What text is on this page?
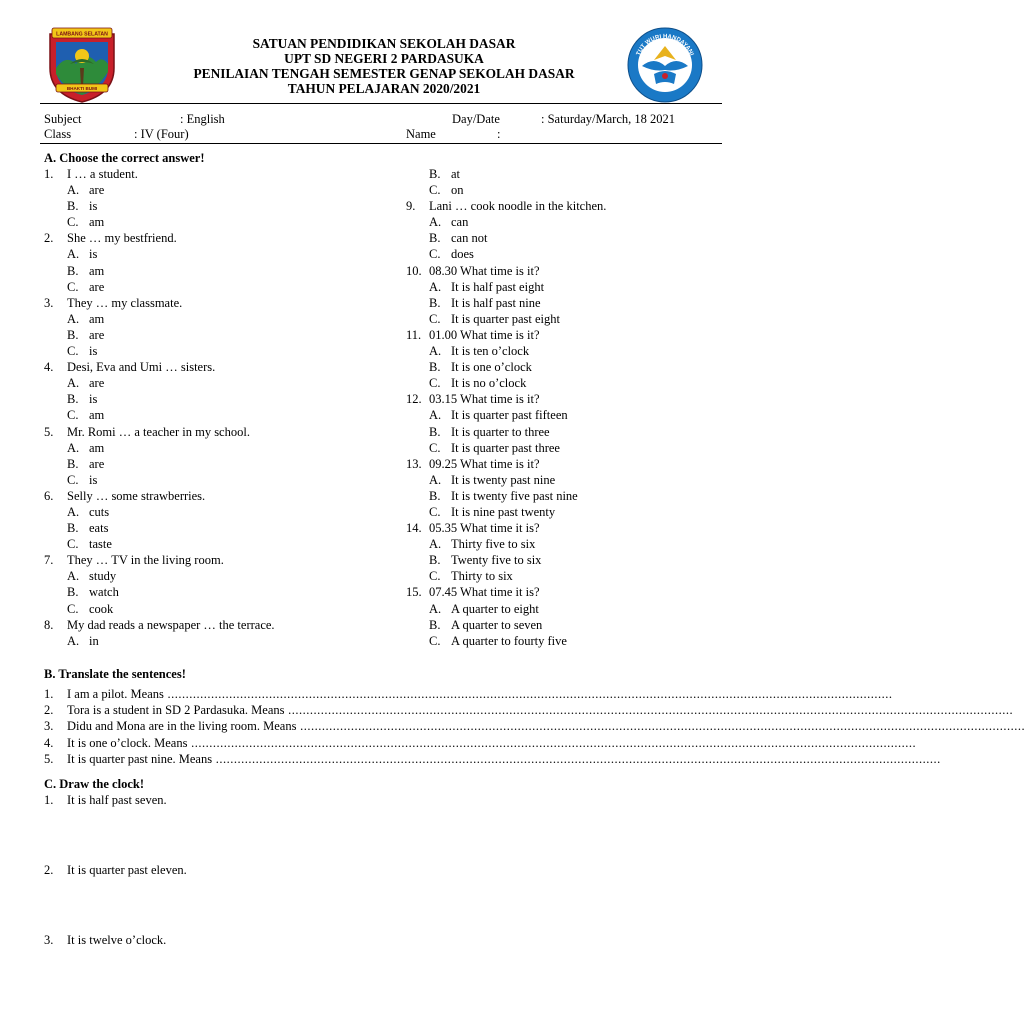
LAMBANG SELATAN
BHAKTI BUMI
SATUAN PENDIDIKAN SEKOLAH DASAR
UPT SD NEGERI 2 PARDASUKA
PENILAIAN TENGAH SEMESTER GENAP SEKOLAH DASAR
TAHUN PELAJARAN 2020/2021
TUT WURI HANDAYANI
Subject	: English	Day/Date	: Saturday/March, 18 2021
Class	: IV (Four)	Name	:
A. Choose the correct answer!
1. I … a student.
A. are
B. is
C. am
2. She … my bestfriend.
A. is
B. am
C. are
3. They … my classmate.
A. am
B. are
C. is
4. Desi, Eva and Umi … sisters.
A. are
B. is
C. am
5. Mr. Romi … a teacher in my school.
A. am
B. are
C. is
6. Selly … some strawberries.
A. cuts
B. eats
C. taste
7. They … TV in the living room.
A. study
B. watch
C. cook
8. My dad reads a newspaper … the terrace.
A. in
B. at
C. on
9. Lani … cook noodle in the kitchen.
A. can
B. can not
C. does
10. 08.30 What time is it?
A. It is half past eight
B. It is half past nine
C. It is quarter past eight
11. 01.00 What time is it?
A. It is ten o’clock
B. It is one o’clock
C. It is no o’clock
12. 03.15 What time is it?
A. It is quarter past fifteen
B. It is quarter to three
C. It is quarter past three
13. 09.25 What time is it?
A. It is twenty past nine
B. It is twenty five past nine
C. It is nine past twenty
14. 05.35 What time it is?
A. Thirty five to six
B. Twenty five to six
C. Thirty to six
15. 07.45 What time it is?
A. A quarter to eight
B. A quarter to seven
C. A quarter to fourty five
B. Translate the sentences!
1. I am a pilot. Means ........................................................................................................................................................................................................
2. Tora is a student in SD 2 Pardasuka. Means ........................................................................................................................................................................................................
3. Didu and Mona are in the living room. Means ........................................................................................................................................................................................................
4. It is one o’clock. Means ........................................................................................................................................................................................................
5. It is quarter past nine. Means ........................................................................................................................................................................................................
C. Draw the clock!
1. It is half past seven.
2. It is quarter past eleven.
3. It is twelve o’clock.
